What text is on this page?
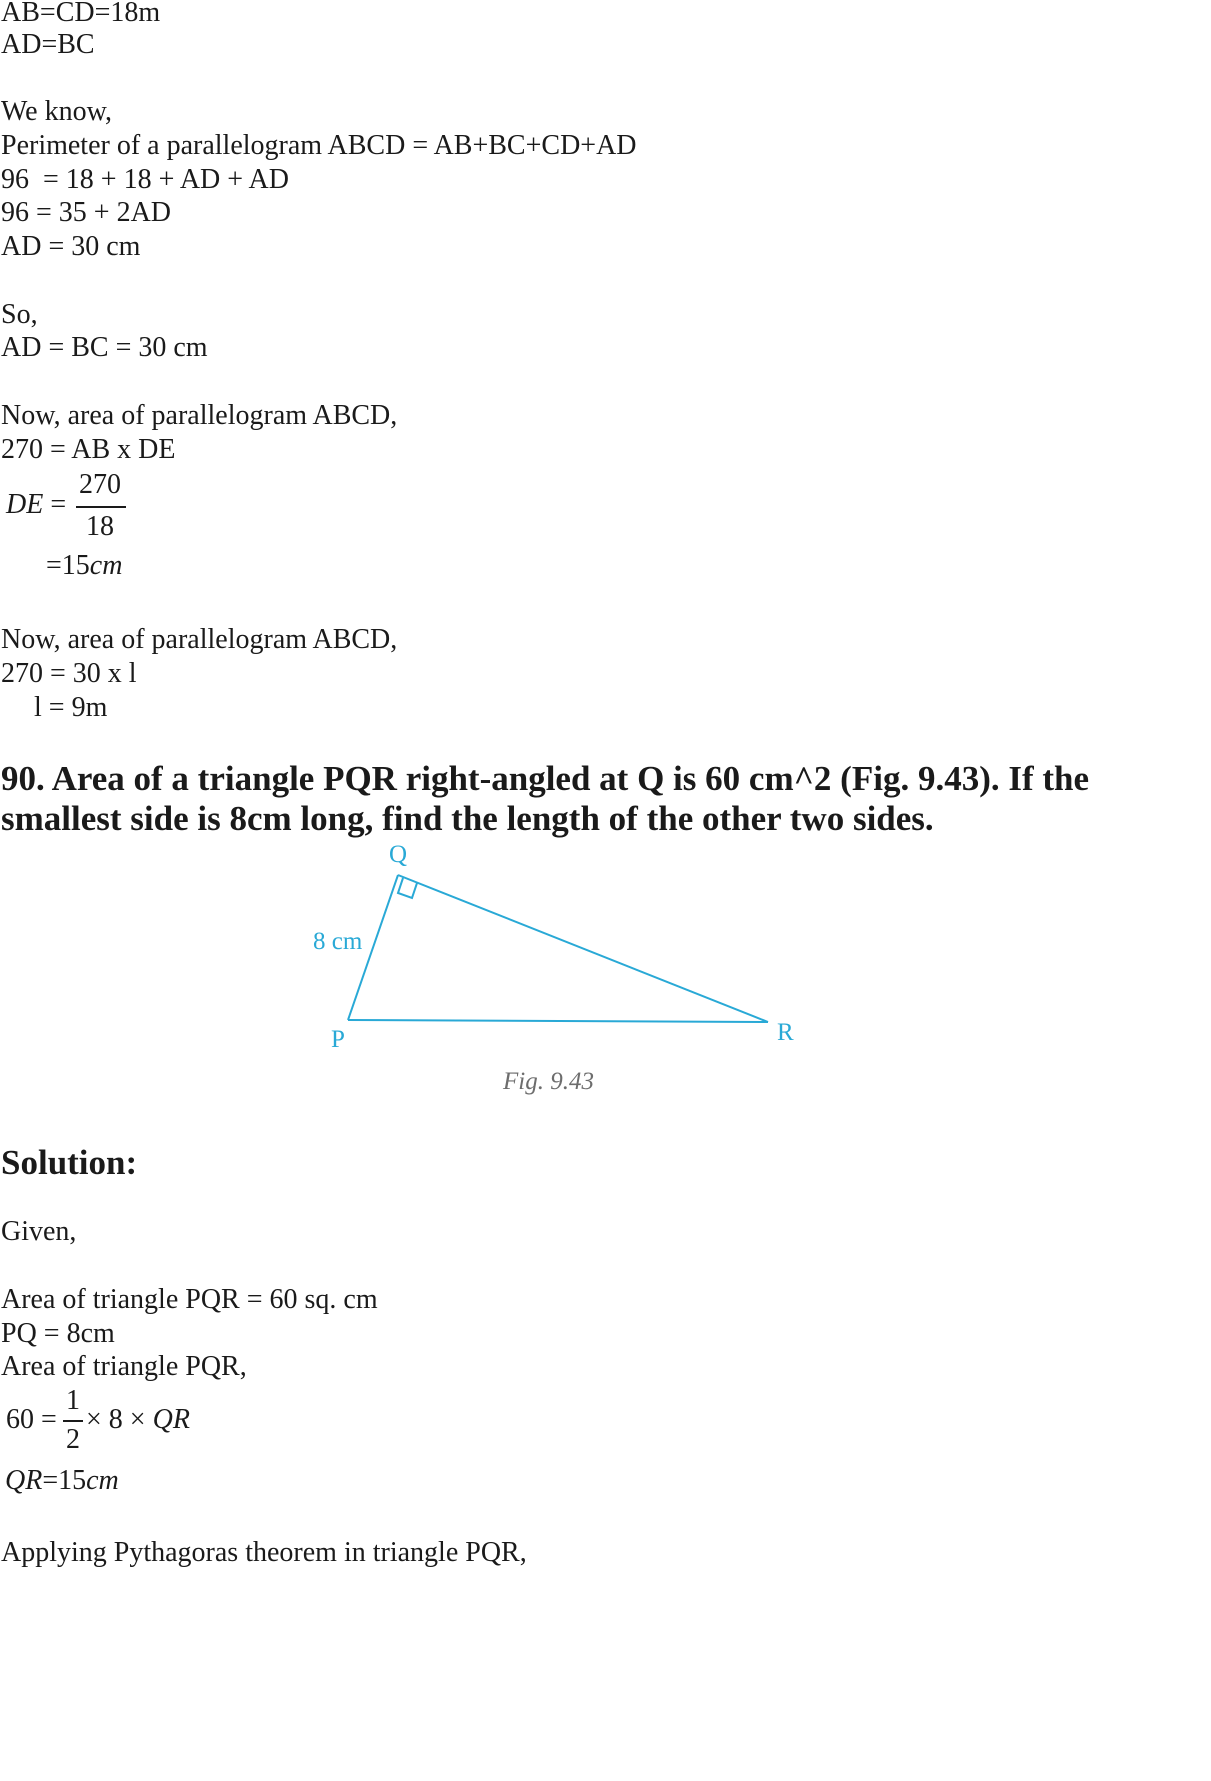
AB=CD=18m

AD=BC

We know,

Perimeter of a parallelogram ABCD = AB+BC+CD+AD

96  = 18 + 18 + AD + AD

96 = 35 + 2AD

AD = 30 cm

So,

AD = BC = 30 cm

Now, area of parallelogram ABCD,

270 = AB x DE

DE =
270
18
=15cm

Now, area of parallelogram ABCD,

270 = 30 x l

l = 9m

90. Area of a triangle PQR right-angled at Q is 60 cm^2 (Fig. 9.43). If the

smallest side is 8cm long, find the length of the other two sides.

Q
P	R
8 cm
Fig. 9.43

Solution:

Given,

Area of triangle PQR = 60 sq. cm

PQ = 8cm

Area of triangle PQR,

60 =
1
2
× 8 × QR
QR=15cm

Applying Pythagoras theorem in triangle PQR,
